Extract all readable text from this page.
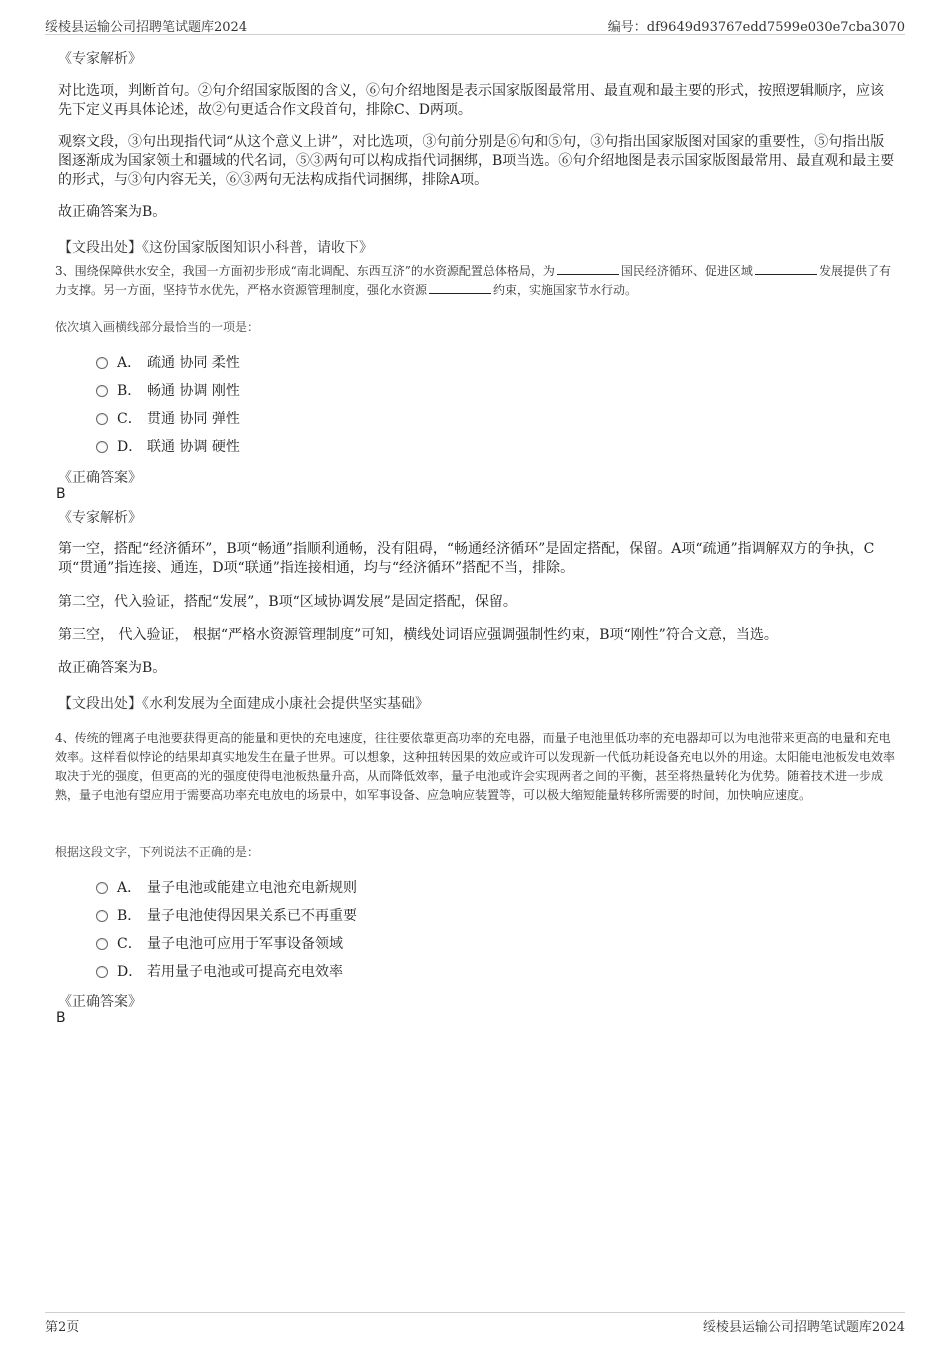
绥棱县运输公司招聘笔试题库2024	编号：df9649d93767edd7599e030e7cba3070
《专家解析》
对比选项，判断首句。②句介绍国家版图的含义，⑥句介绍地图是表示国家版图最常用、最直观和最主要的形式，按照逻辑顺序，应该先下定义再具体论述，故②句更适合作文段首句，排除C、D两项。
观察文段，③句出现指代词“从这个意义上讲”，对比选项，③句前分别是⑥句和⑤句，③句指出国家版图对国家的重要性，⑤句指出版图逐渐成为国家领土和疆域的代名词，⑤③两句可以构成指代词捆绑，B项当选。⑥句介绍地图是表示国家版图最常用、最直观和最主要的形式，与③句内容无关，⑥③两句无法构成指代词捆绑，排除A项。
故正确答案为B。
【文段出处】《这份国家版图知识小科普，请收下》
3、围绕保障供水安全，我国一方面初步形成“南北调配、东西互济”的水资源配置总体格局，为	国民经济循环、促进区域	发展提供了有力支撑。另一方面，坚持节水优先，严格水资源管理制度，强化水资源	约束，实施国家节水行动。
依次填入画横线部分最恰当的一项是：
A． 疏通 协同 柔性
B． 畅通 协调 刚性
C． 贯通 协同 弹性
D． 联通 协调 硬性
《正确答案》
B
《专家解析》
第一空，搭配“经济循环”，B项“畅通”指顺利通畅，没有阻碍，“畅通经济循环”是固定搭配，保留。A项“疏通”指调解双方的争执，C项“贯通”指连接、通连，D项“联通”指连接相通，均与“经济循环”搭配不当，排除。
第二空，代入验证，搭配“发展”，B项“区域协调发展”是固定搭配，保留。
第三空， 代入验证， 根据“严格水资源管理制度”可知，横线处词语应强调强制性约束，B项“刚性”符合文意，当选。
故正确答案为B。
【文段出处】《水利发展为全面建成小康社会提供坚实基础》
4、传统的锂离子电池要获得更高的能量和更快的充电速度，往往要依靠更高功率的充电器，而量子电池里低功率的充电器却可以为电池带来更高的电量和充电效率。这样看似悖论的结果却真实地发生在量子世界。可以想象，这种扭转因果的效应或许可以发现新一代低功耗设备充电以外的用途。太阳能电池板发电效率取决于光的强度，但更高的光的强度使得电池板热量升高，从而降低效率，量子电池或许会实现两者之间的平衡，甚至将热量转化为优势。随着技术进一步成熟，量子电池有望应用于需要高功率充电放电的场景中，如军事设备、应急响应装置等，可以极大缩短能量转移所需要的时间，加快响应速度。
根据这段文字，下列说法不正确的是：
A． 量子电池或能建立电池充电新规则
B． 量子电池使得因果关系已不再重要
C． 量子电池可应用于军事设备领域
D． 若用量子电池或可提高充电效率
《正确答案》
B
第2页	绥棱县运输公司招聘笔试题库2024
